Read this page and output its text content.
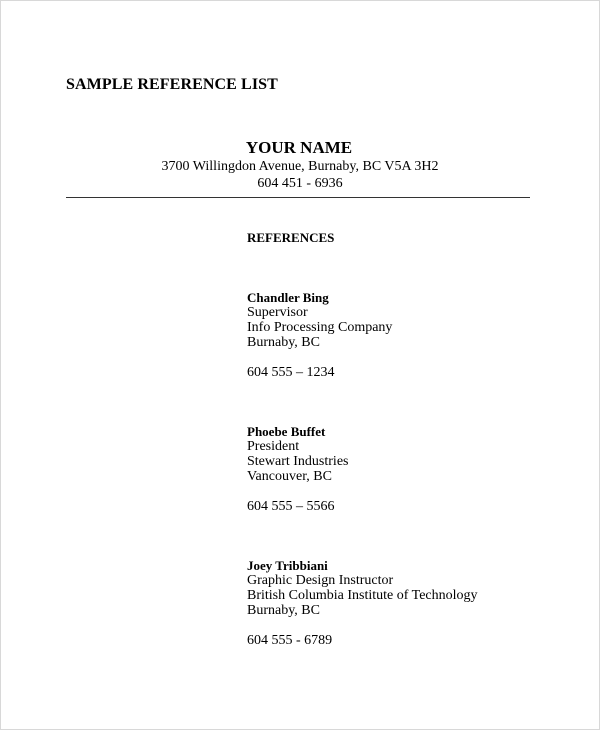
SAMPLE REFERENCE LIST
YOUR NAME
3700 Willingdon Avenue, Burnaby, BC V5A 3H2
604 451 - 6936
REFERENCES
Chandler Bing
Supervisor
Info Processing Company
Burnaby, BC
604 555 – 1234
Phoebe Buffet
President
Stewart Industries
Vancouver, BC
604 555 – 5566
Joey Tribbiani
Graphic Design Instructor
British Columbia Institute of Technology
Burnaby, BC
604 555 - 6789
